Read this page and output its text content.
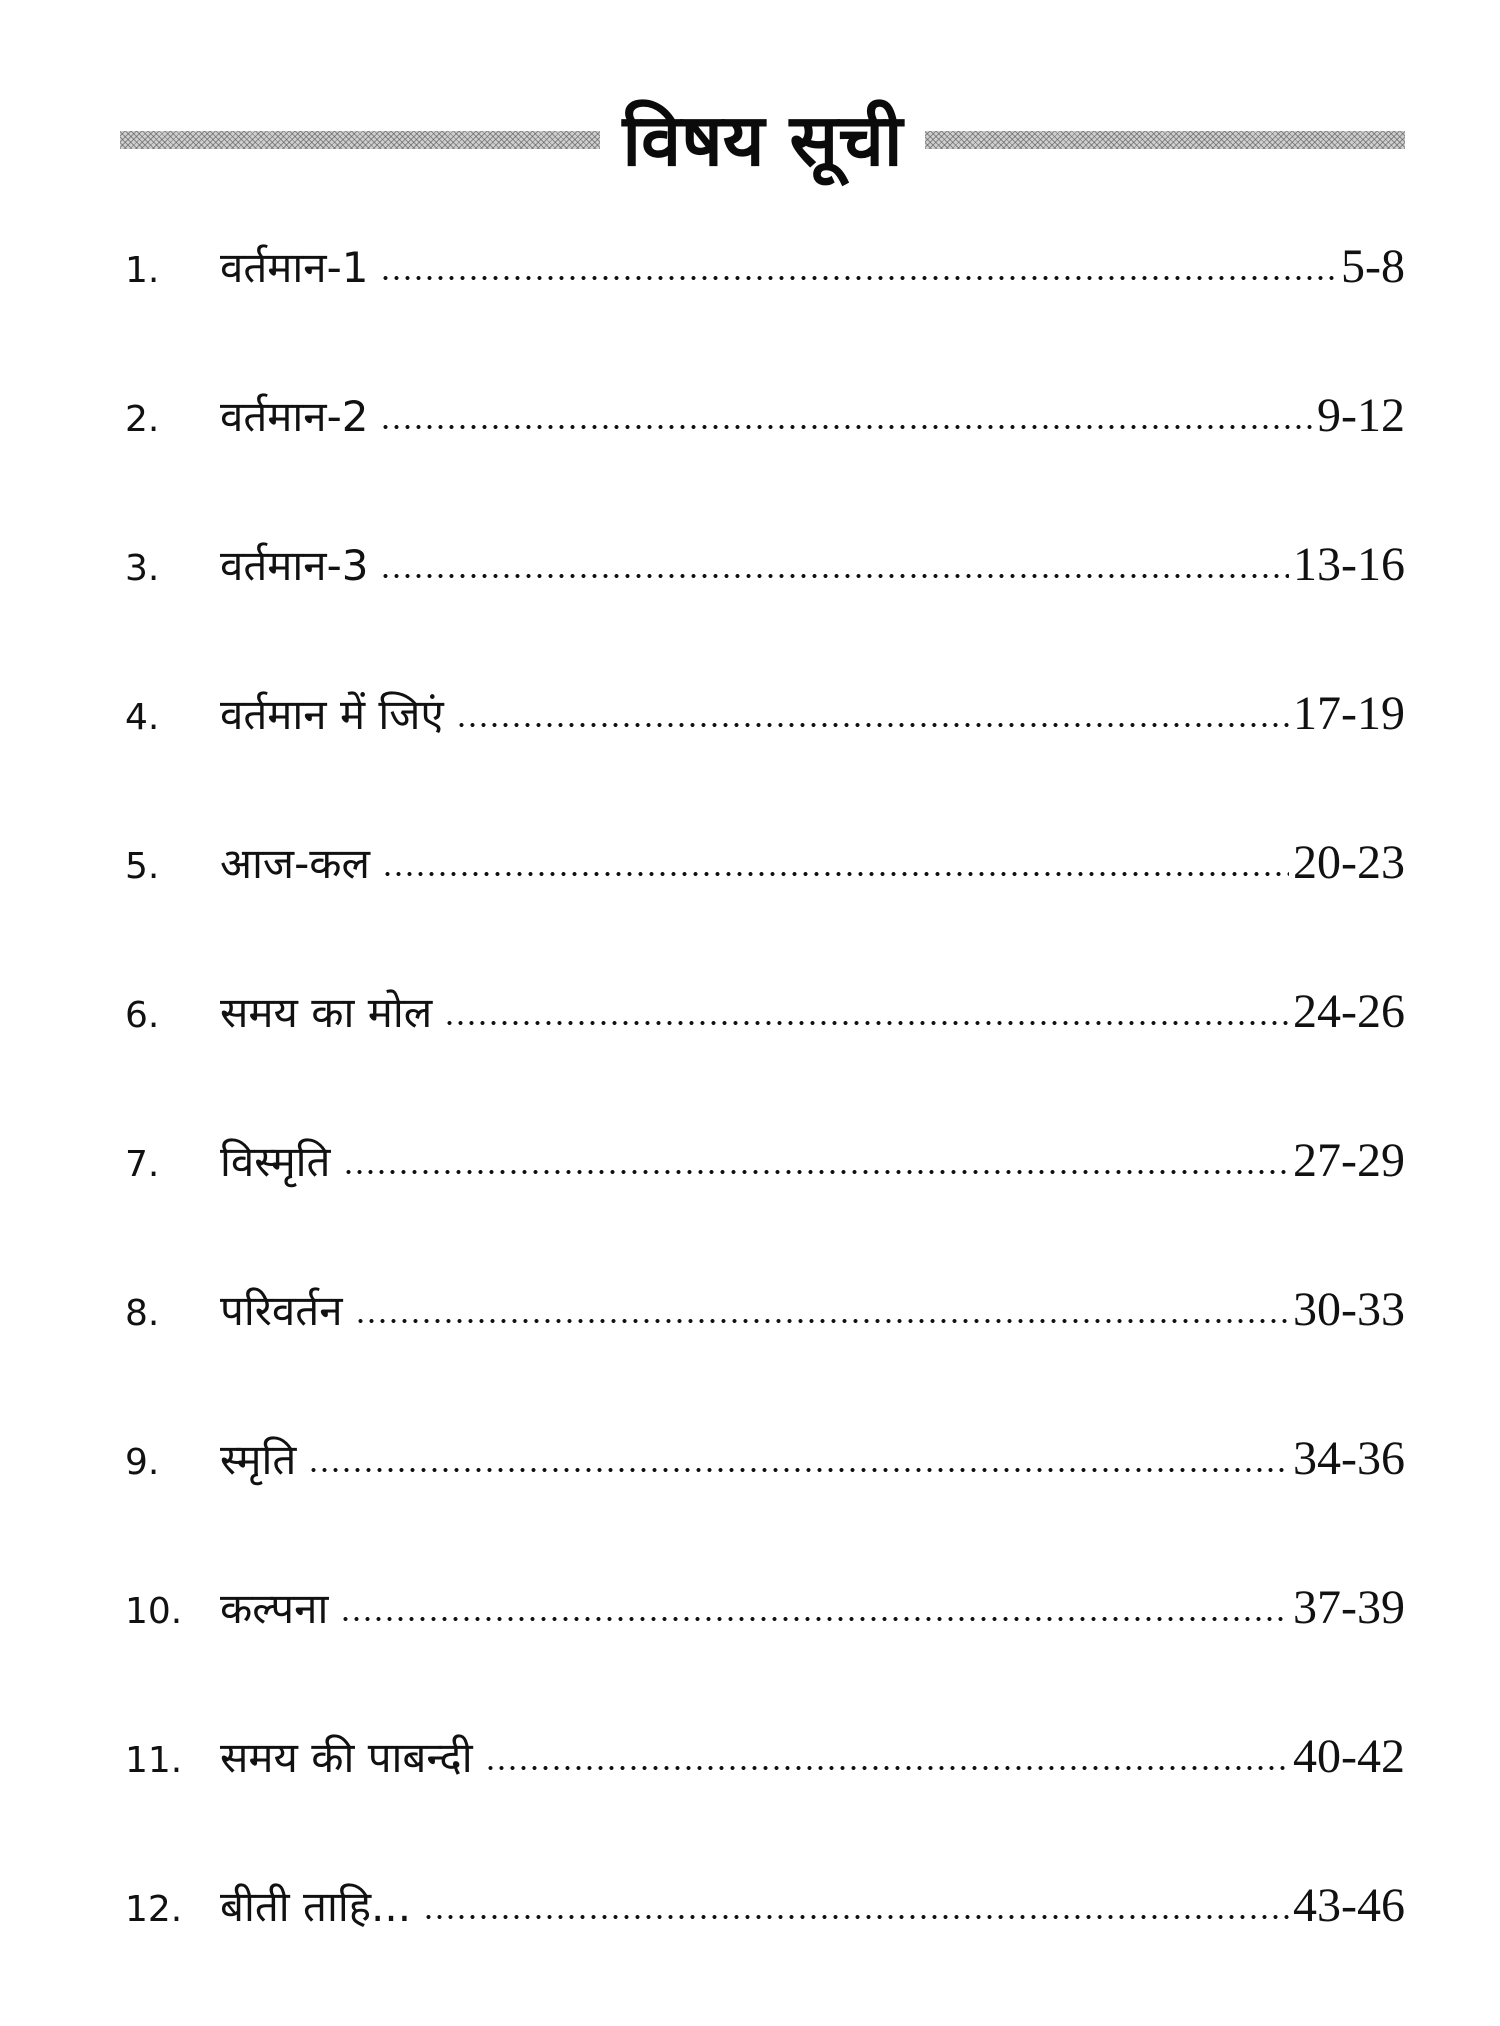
विषय सूची
1.	वर्तमान-1	5-8
2.	वर्तमान-2	9-12
3.	वर्तमान-3	13-16
4.	वर्तमान में जिएं	17-19
5.	आज-कल	20-23
6.	समय का मोल	24-26
7.	विस्मृति	27-29
8.	परिवर्तन	30-33
9.	स्मृति	34-36
10. कल्पना	37-39
11. समय की पाबन्दी	40-42
12. बीती ताहि...	43-46
